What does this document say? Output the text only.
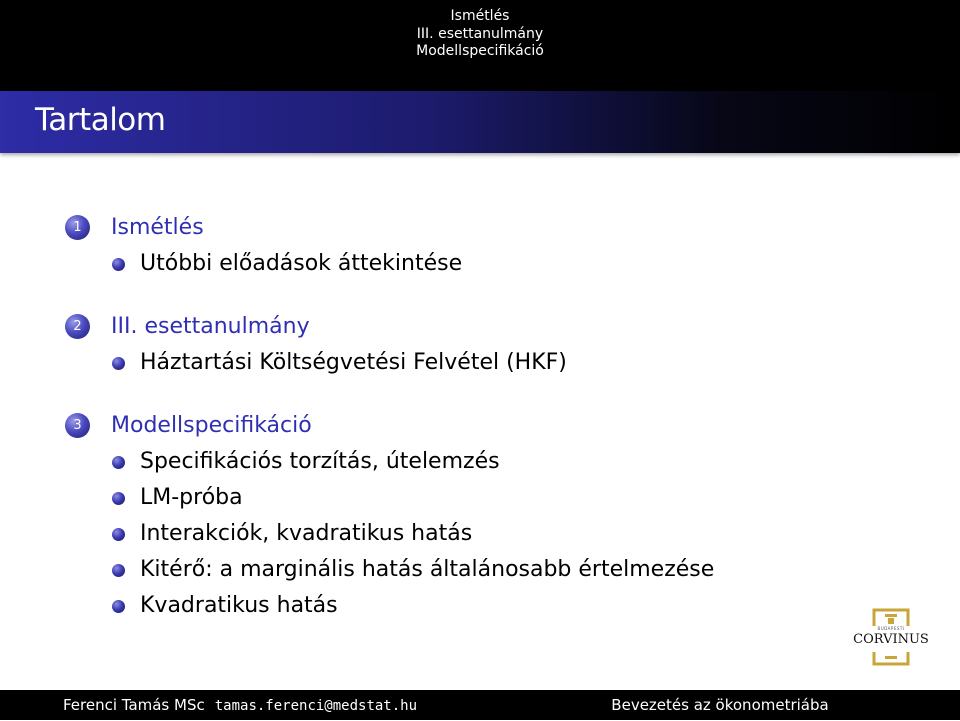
Ismétlés
III. esettanulmány
Modellspecifikáció
Tartalom
1	Ismétlés
Utóbbi előadások áttekintése
2	III. esettanulmány
Háztartási Költségvetési Felvétel (HKF)
3	Modellspecifikáció
Specifikációs torzítás, útelemzés
LM-próba
Interakciók, kvadratikus hatás
Kitérő: a marginális hatás általánosabb értelmezése
Kvadratikus hatás
BUDAPESTI
CORVINUS
Ferenci Tamás MSc tamas.ferenci@medstat.hu	Bevezetés az ökonometriába
